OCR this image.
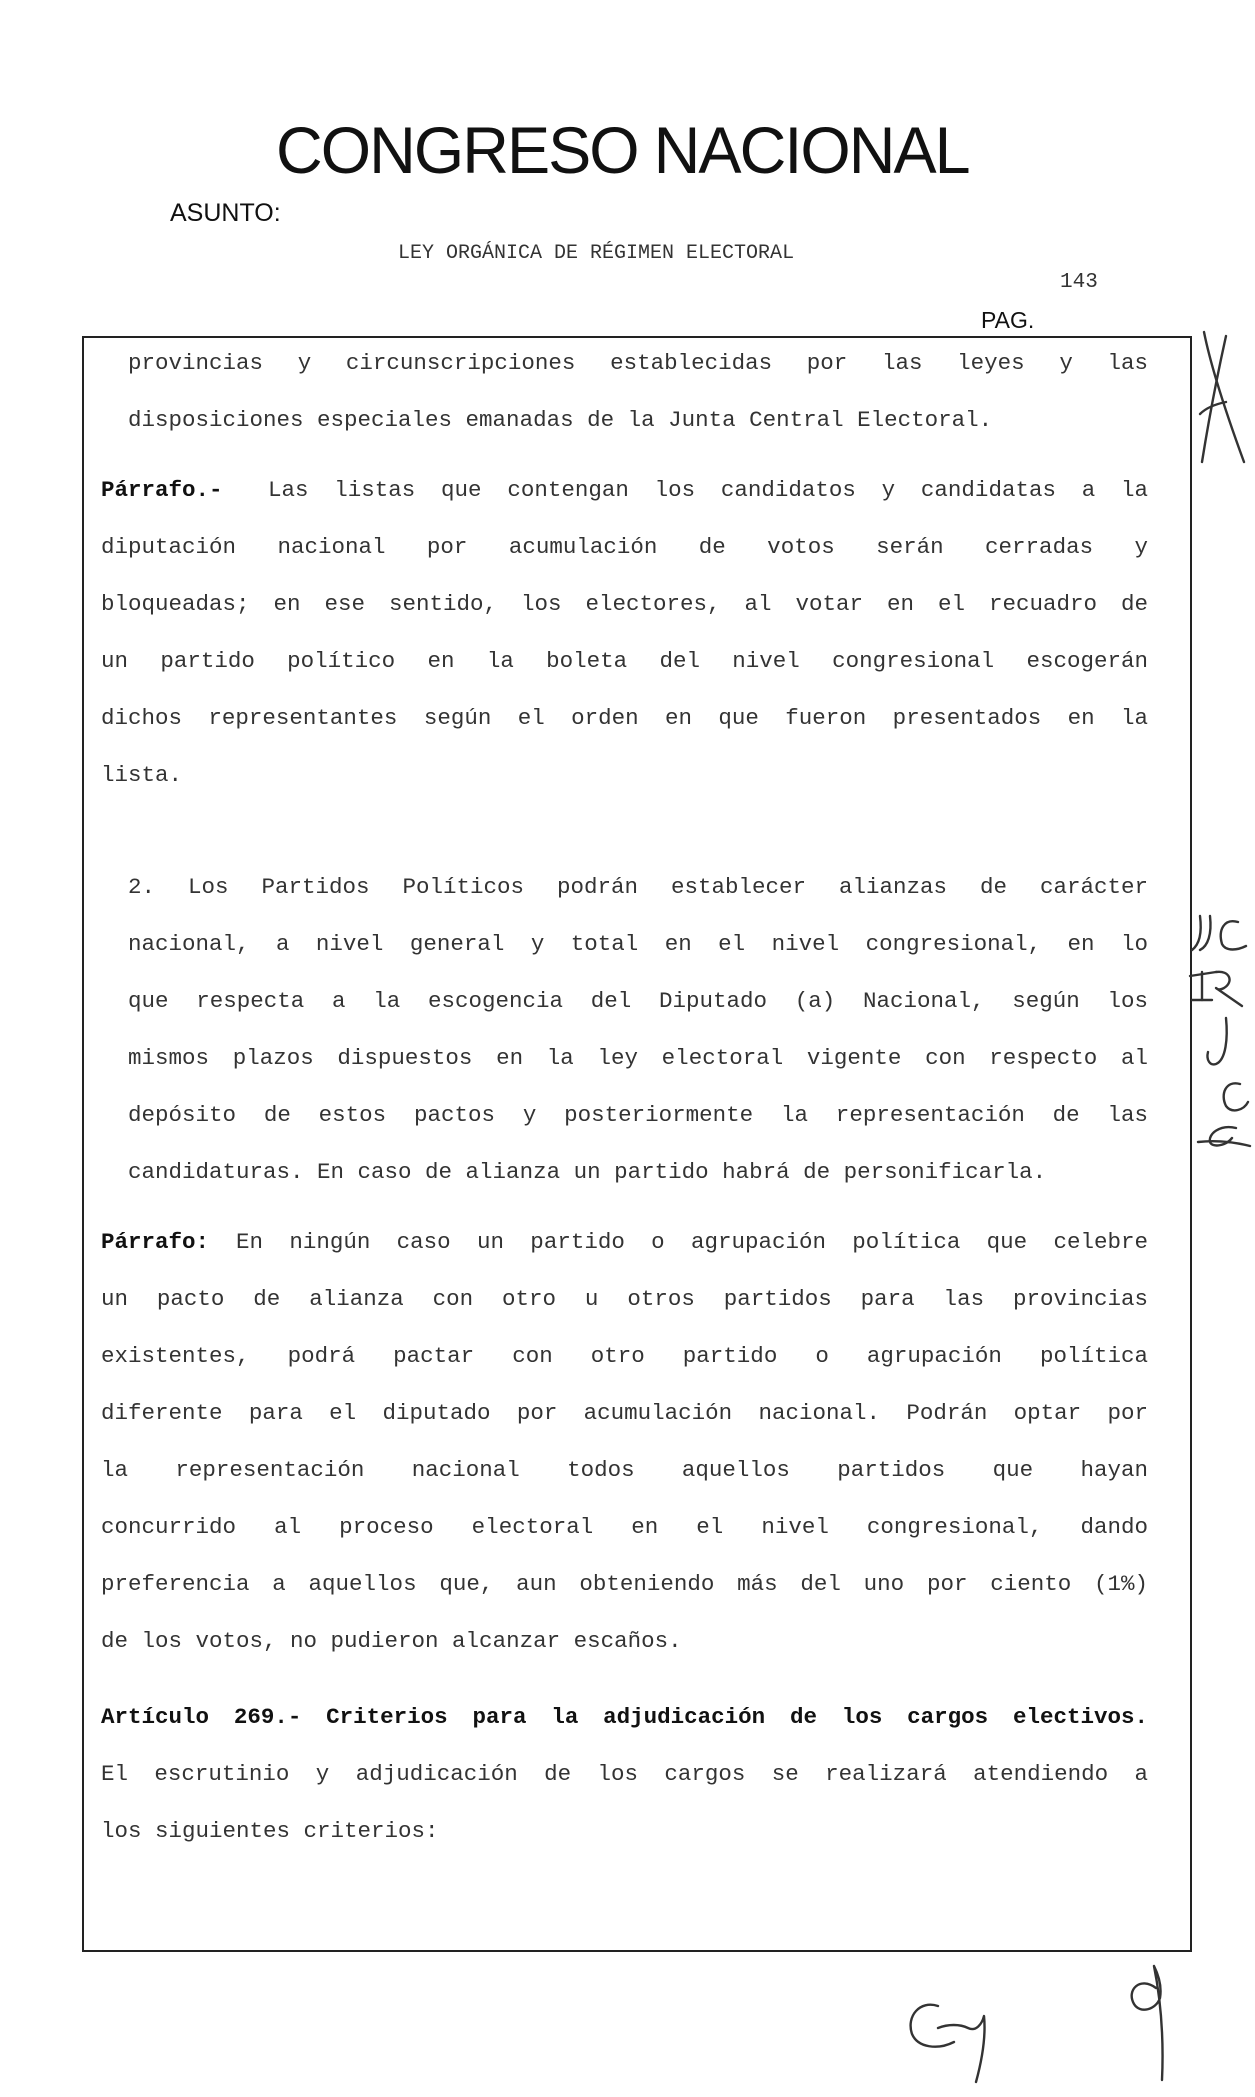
CONGRESO NACIONAL
ASUNTO:
LEY ORGÁNICA DE RÉGIMEN ELECTORAL
143
PAG.
provincias y circunscripciones establecidas por las leyes y las
disposiciones especiales emanadas de la Junta Central Electoral.
Párrafo.- Las listas que contengan los candidatos y candidatas a la
diputación nacional por acumulación de votos serán cerradas y
bloqueadas; en ese sentido, los electores, al votar en el recuadro de
un partido político en la boleta del nivel congresional escogerán
dichos representantes según el orden en que fueron presentados en la
lista.
2. Los Partidos Políticos podrán establecer alianzas de carácter
nacional, a nivel general y total en el nivel congresional, en lo
que respecta a la escogencia del Diputado (a) Nacional, según los
mismos plazos dispuestos en la ley electoral vigente con respecto al
depósito de estos pactos y posteriormente la representación de las
candidaturas. En caso de alianza un partido habrá de personificarla.
Párrafo: En ningún caso un partido o agrupación política que celebre
un pacto de alianza con otro u otros partidos para las provincias
existentes, podrá pactar con otro partido o agrupación política
diferente para el diputado por acumulación nacional. Podrán optar por
la representación nacional todos aquellos partidos que hayan
concurrido al proceso electoral en el nivel congresional, dando
preferencia a aquellos que, aun obteniendo más del uno por ciento (1%)
de los votos, no pudieron alcanzar escaños.
Artículo 269.- Criterios para la adjudicación de los cargos electivos.
El escrutinio y adjudicación de los cargos se realizará atendiendo a
los siguientes criterios:
